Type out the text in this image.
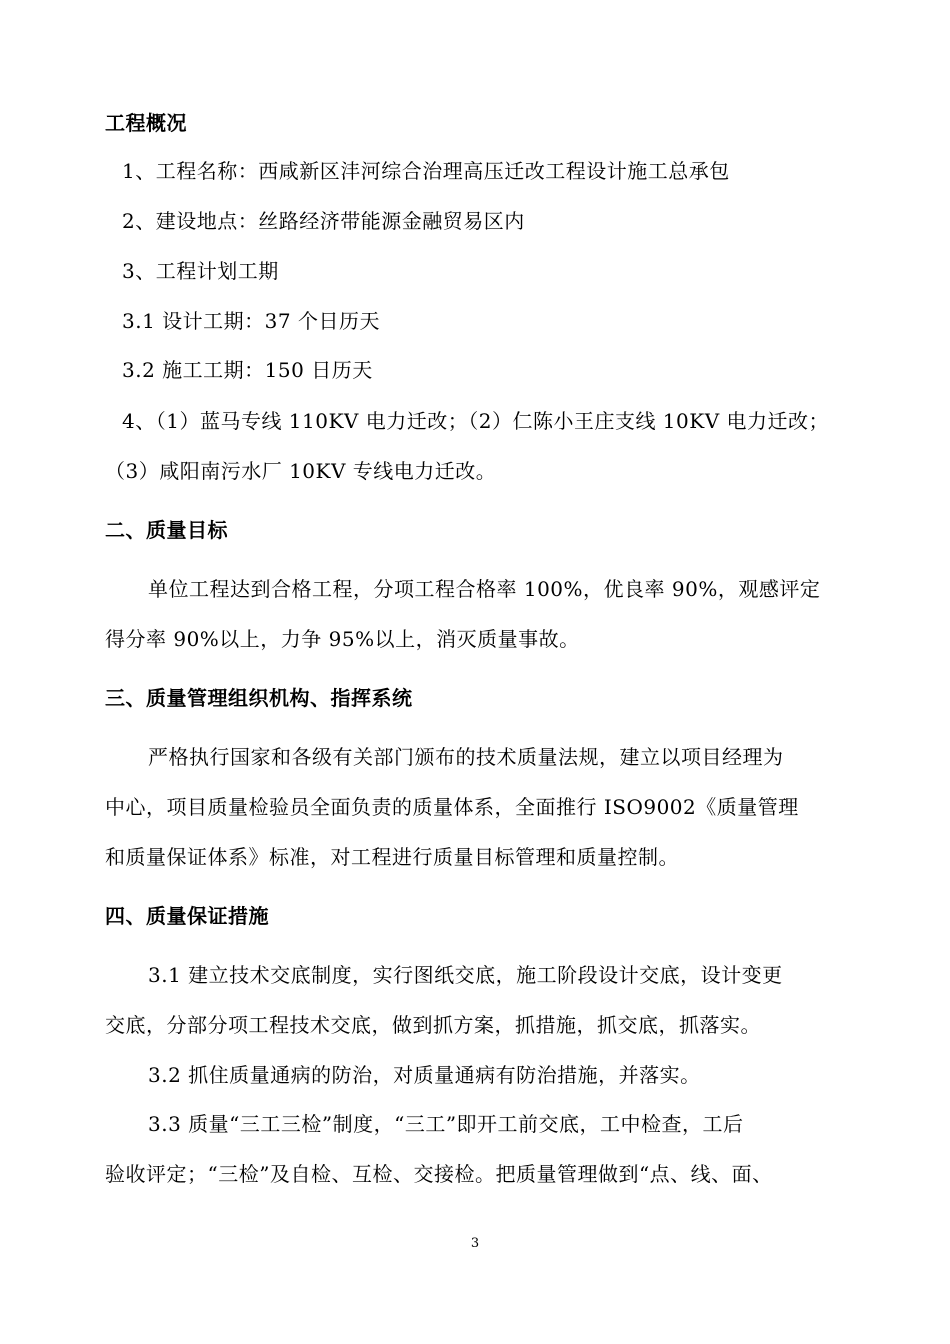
工程概况
1、工程名称：西咸新区沣河综合治理高压迁改工程设计施工总承包
2、建设地点：丝路经济带能源金融贸易区内
3、工程计划工期
3.1 设计工期：37 个日历天
3.2 施工工期：150 日历天
4、（1）蓝马专线 110KV 电力迁改；（2）仁陈小王庄支线 10KV 电力迁改；
（3）咸阳南污水厂 10KV 专线电力迁改。
二、质量目标
单位工程达到合格工程，分项工程合格率 100%，优良率 90%，观感评定
得分率 90%以上，力争 95%以上，消灭质量事故。
三、质量管理组织机构、指挥系统
严格执行国家和各级有关部门颁布的技术质量法规，建立以项目经理为
中心，项目质量检验员全面负责的质量体系，全面推行 ISO9002《质量管理
和质量保证体系》标准，对工程进行质量目标管理和质量控制。
四、质量保证措施
3.1 建立技术交底制度，实行图纸交底，施工阶段设计交底，设计变更
交底，分部分项工程技术交底，做到抓方案，抓措施，抓交底，抓落实。
3.2 抓住质量通病的防治，对质量通病有防治措施，并落实。
3.3 质量“三工三检”制度，“三工”即开工前交底，工中检查，工后
验收评定；“三检”及自检、互检、交接检。把质量管理做到“点、线、面、
3
